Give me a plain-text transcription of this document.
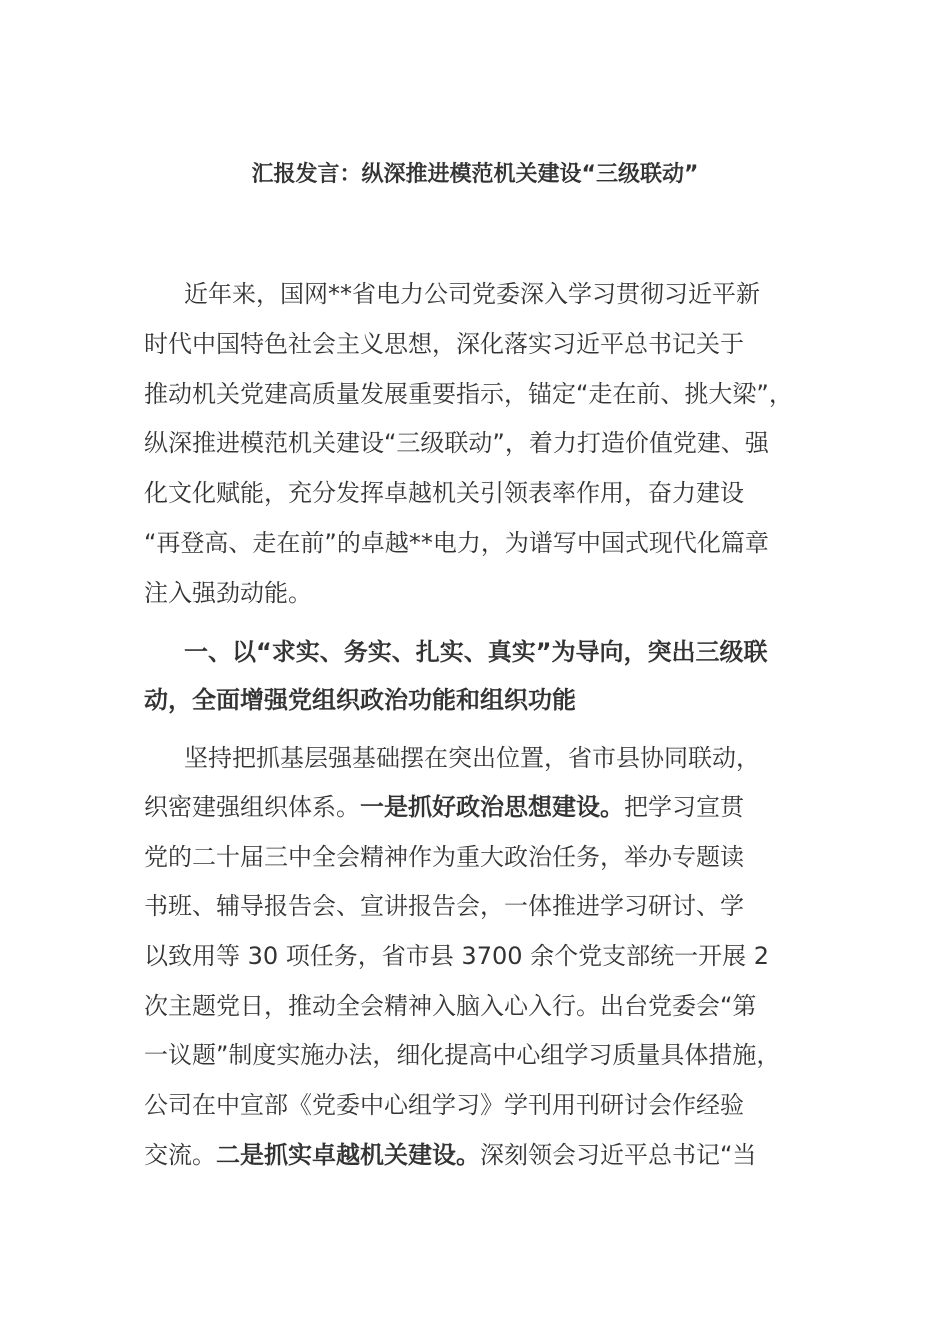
汇报发言：纵深推进模范机关建设“三级联动”
近年来，国网**省电力公司党委深入学习贯彻习近平新
时代中国特色社会主义思想，深化落实习近平总书记关于
推动机关党建高质量发展重要指示，锚定“走在前、挑大梁”，
纵深推进模范机关建设“三级联动”，着力打造价值党建、强
化文化赋能，充分发挥卓越机关引领表率作用，奋力建设
“再登高、走在前”的卓越**电力，为谱写中国式现代化篇章
注入强劲动能。
一、以“求实、务实、扎实、真实”为导向，突出三级联
动，全面增强党组织政治功能和组织功能
坚持把抓基层强基础摆在突出位置，省市县协同联动，
织密建强组织体系。一是抓好政治思想建设。把学习宣贯
党的二十届三中全会精神作为重大政治任务，举办专题读
书班、辅导报告会、宣讲报告会，一体推进学习研讨、学
以致用等 30 项任务，省市县 3700 余个党支部统一开展 2
次主题党日，推动全会精神入脑入心入行。出台党委会“第
一议题”制度实施办法，细化提高中心组学习质量具体措施，
公司在中宣部《党委中心组学习》学刊用刊研讨会作经验
交流。二是抓实卓越机关建设。深刻领会习近平总书记“当
